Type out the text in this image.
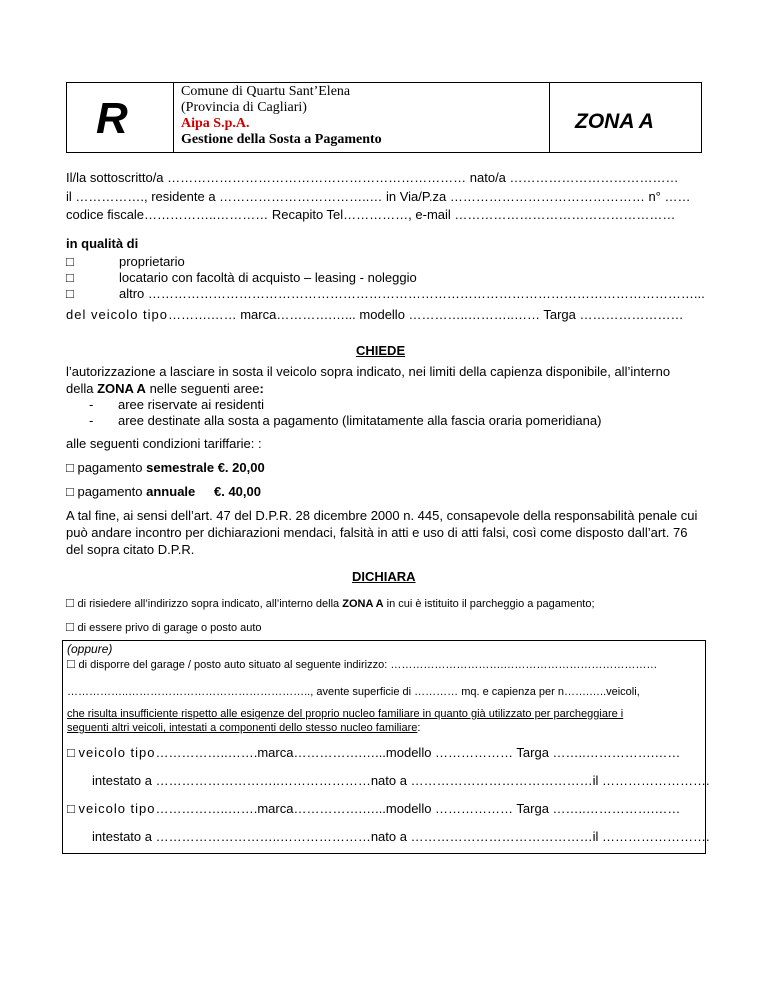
R
Comune di Quartu Sant’Elena
(Provincia di Cagliari)
Aipa S.p.A.
Gestione della Sosta a Pagamento
ZONA A
Il/la sottoscritto/a …………………………………………………………… nato/a …………………………………
il ……………., residente a ……………………………..… in Via/P.za ……………………………………… n° ……
codice fiscale……………..………… Recapito Tel……………, e-mail ……………………………………………
in qualità di
□	proprietario
□	locatario con facoltà di acquisto – leasing - noleggio
□	altro ………………………………………………………………………………………………………………...
del veicolo tipo……….…… marca………….…... modello …………..………..…… Targa ……………………
CHIEDE
l’autorizzazione a lasciare in sosta il veicolo sopra indicato, nei limiti della capienza disponibile, all’interno
della ZONA A nelle seguenti aree:
- aree riservate ai residenti
- aree destinate alla sosta a pagamento (limitatamente alla fascia oraria pomeridiana)
alle seguenti condizioni tariffarie: :
□ pagamento semestrale €. 20,00
□ pagamento annuale €. 40,00
A tal fine, ai sensi dell’art. 47 del D.P.R. 28 dicembre 2000 n. 445, consapevole della responsabilità penale cui
può andare incontro per dichiarazioni mendaci, falsità in atti e uso di atti falsi, così come disposto dall’art. 76
del sopra citato D.P.R.
DICHIARA
□ di risiedere all’indirizzo sopra indicato, all’interno della ZONA A in cui è istituito il parcheggio a pagamento;
□ di essere privo di garage o posto auto
(oppure)
□ di disporre del garage / posto auto situato al seguente indirizzo: ………………………….……………………………………
……………..………………………………………….., avente superficie di ………… mq. e capienza per n…….…..veicoli,
che risulta insufficiente rispetto alle esigenze del proprio nucleo familiare in quanto già utilizzato per parcheggiare i
seguenti altri veicoli, intestati a componenti dello stesso nucleo familiare:
□ veicolo tipo……………..…….marca…………….…...modello ……………… Targa ……..…………….……
intestato a ………………………..…………………nato a ……………………………………il …………………….
□ veicolo tipo……………..…….marca…………….…...modello ……………… Targa ……..…………….……
intestato a ………………………..…………………nato a ……………………………………il …………………….
